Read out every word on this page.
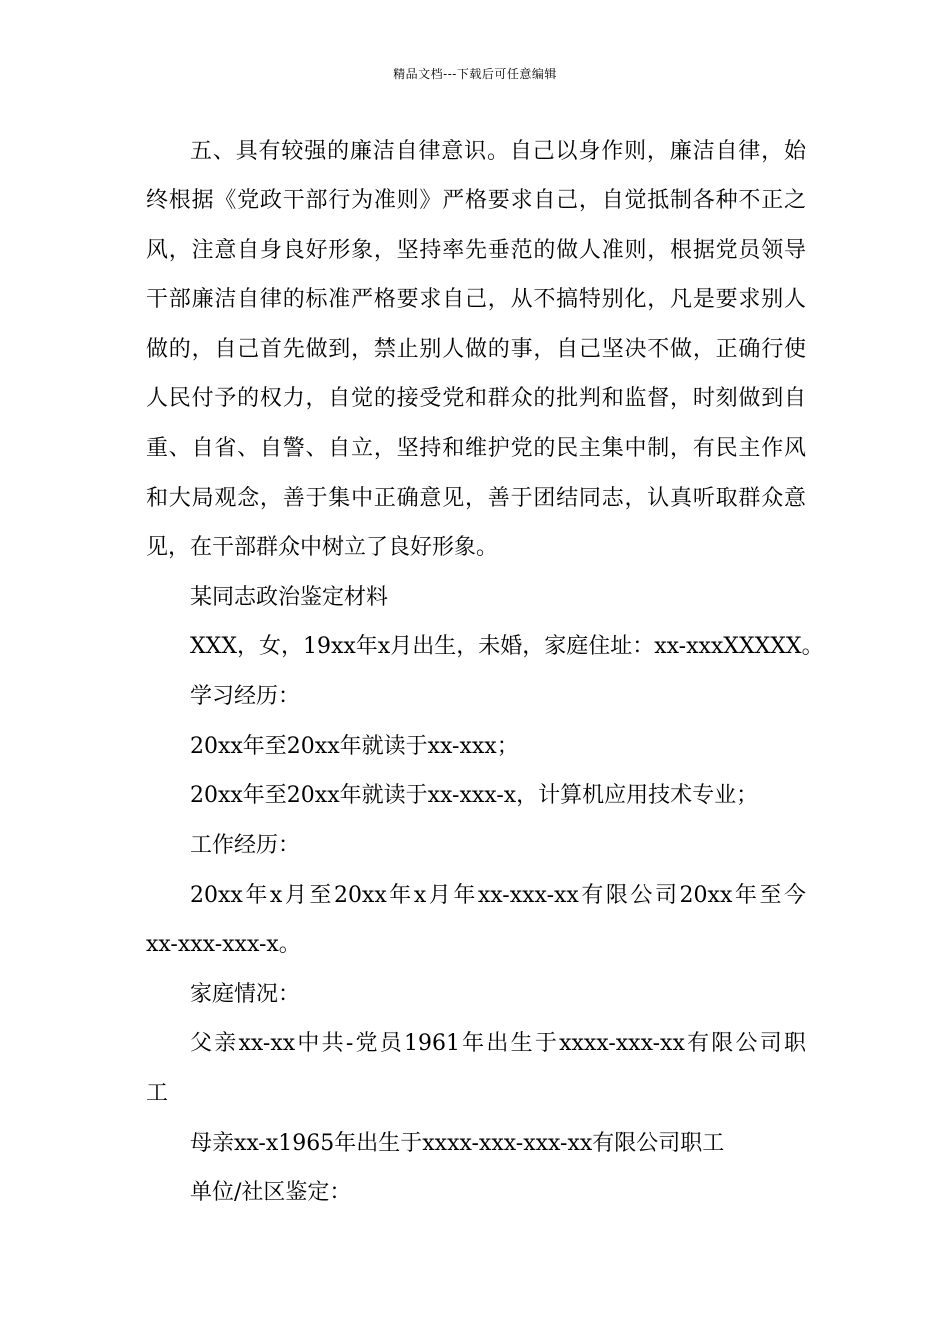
精品文档---下载后可任意编辑
五、具有较强的廉洁自律意识。自己以身作则，廉洁自律，始
终根据《党政干部行为准则》严格要求自己，自觉抵制各种不正之
风，注意自身良好形象，坚持率先垂范的做人准则，根据党员领导
干部廉洁自律的标准严格要求自己，从不搞特别化，凡是要求别人
做的，自己首先做到，禁止别人做的事，自己坚决不做，正确行使
人民付予的权力，自觉的接受党和群众的批判和监督，时刻做到自
重、自省、自警、自立，坚持和维护党的民主集中制，有民主作风
和大局观念，善于集中正确意见，善于团结同志，认真听取群众意
见，在干部群众中树立了良好形象。
某同志政治鉴定材料
XXX，女，19xx年x月出生，未婚，家庭住址：xx-xxxXXXXX。
学习经历：
20xx年至20xx年就读于xx-xxx；
20xx年至20xx年就读于xx-xxx-x，计算机应用技术专业；
工作经历：
20xx年x月至20xx年x月年xx-xxx-xx有限公司20xx年至今
xx-xxx-xxx-x。
家庭情况：
父亲xx-xx中共-党员1961年出生于xxxx-xxx-xx有限公司职
工
母亲xx-x1965年出生于xxxx-xxx-xxx-xx有限公司职工
单位/社区鉴定：
